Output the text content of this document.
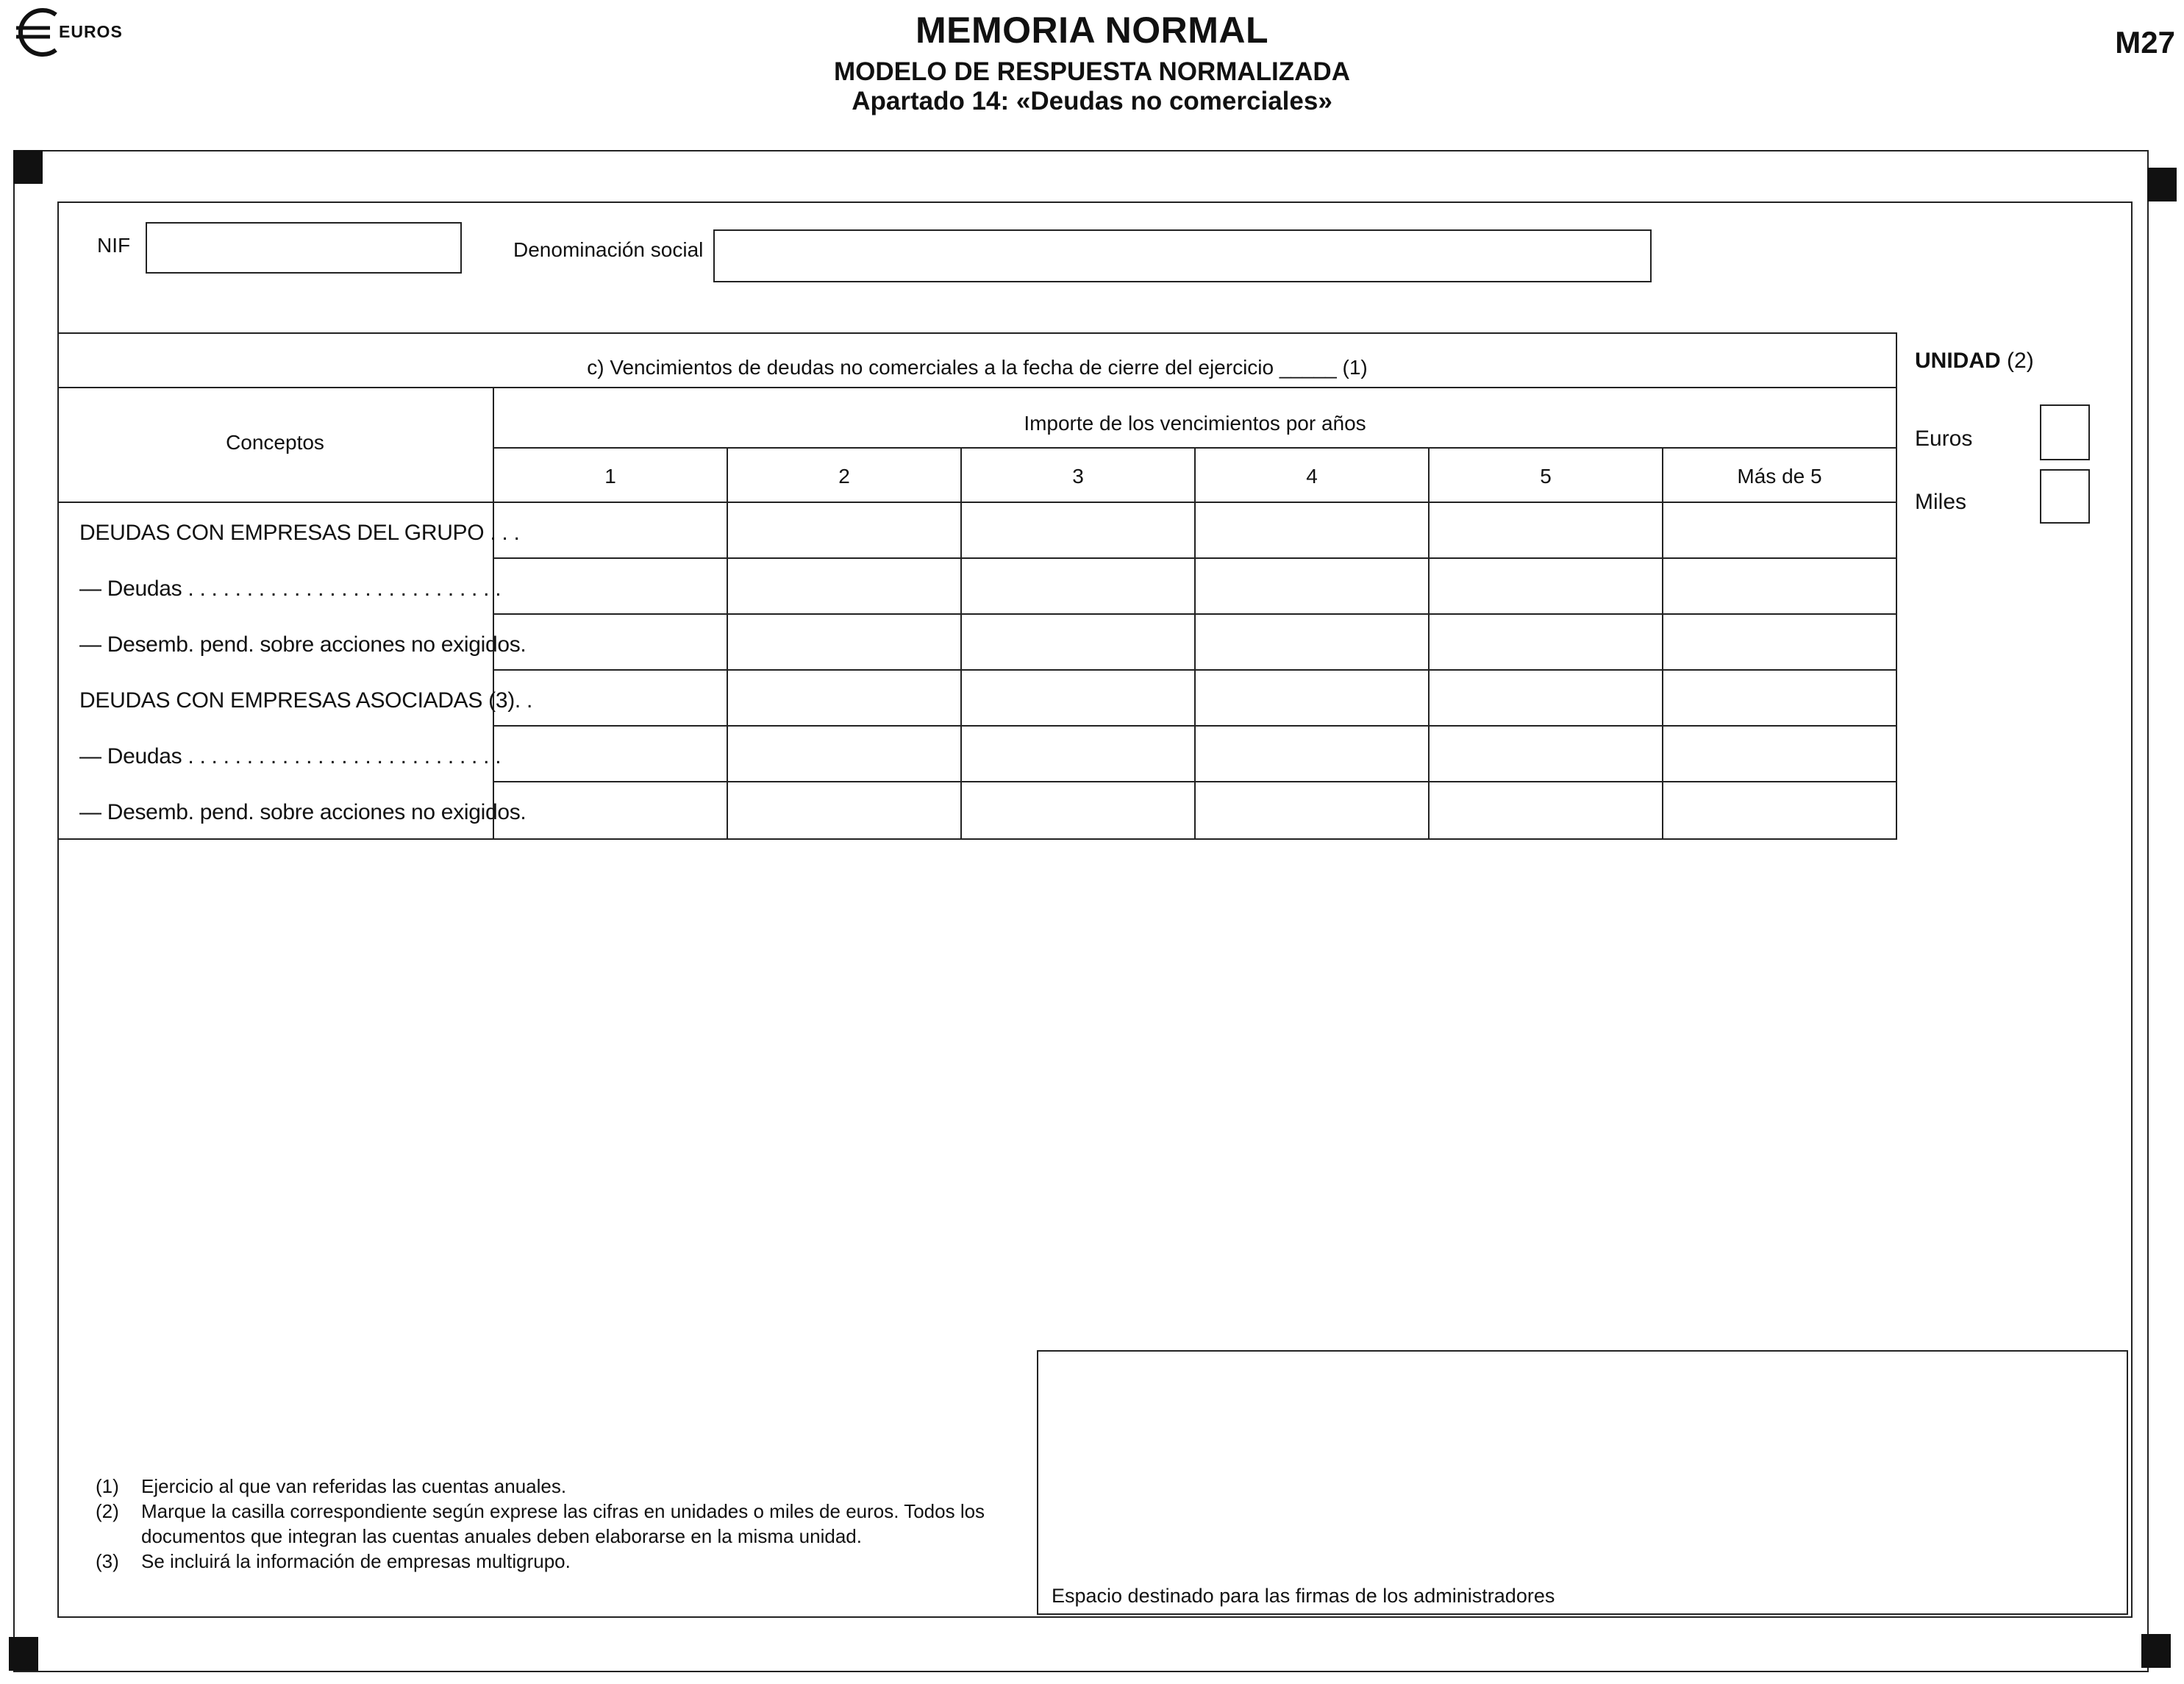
EUROS	MEMORIA NORMAL
MODELO DE RESPUESTA NORMALIZADA
Apartado 14: «Deudas no comerciales»
M27
NIF	Denominación social
c) Vencimientos de deudas no comerciales a la fecha de cierre del ejercicio _____ (1)
Conceptos
Importe de los vencimientos por años
1	2	3	4	5	Más de 5
DEUDAS CON EMPRESAS DEL GRUPO . . .
— Deudas . . . . . . . . . . . . . . . . . . . . . . . . . . .
— Desemb. pend. sobre acciones no exigidos.
DEUDAS CON EMPRESAS ASOCIADAS (3). .
— Deudas . . . . . . . . . . . . . . . . . . . . . . . . . . .
— Desemb. pend. sobre acciones no exigidos.
UNIDAD (2)
Euros
Miles
(1)	Ejercicio al que van referidas las cuentas anuales.
(2)	Marque la casilla correspondiente según exprese las cifras en unidades o miles de euros. Todos los documentos que integran las cuentas anuales deben elaborarse en la misma unidad.
(3)	Se incluirá la información de empresas multigrupo.
Espacio destinado para las firmas de los administradores
